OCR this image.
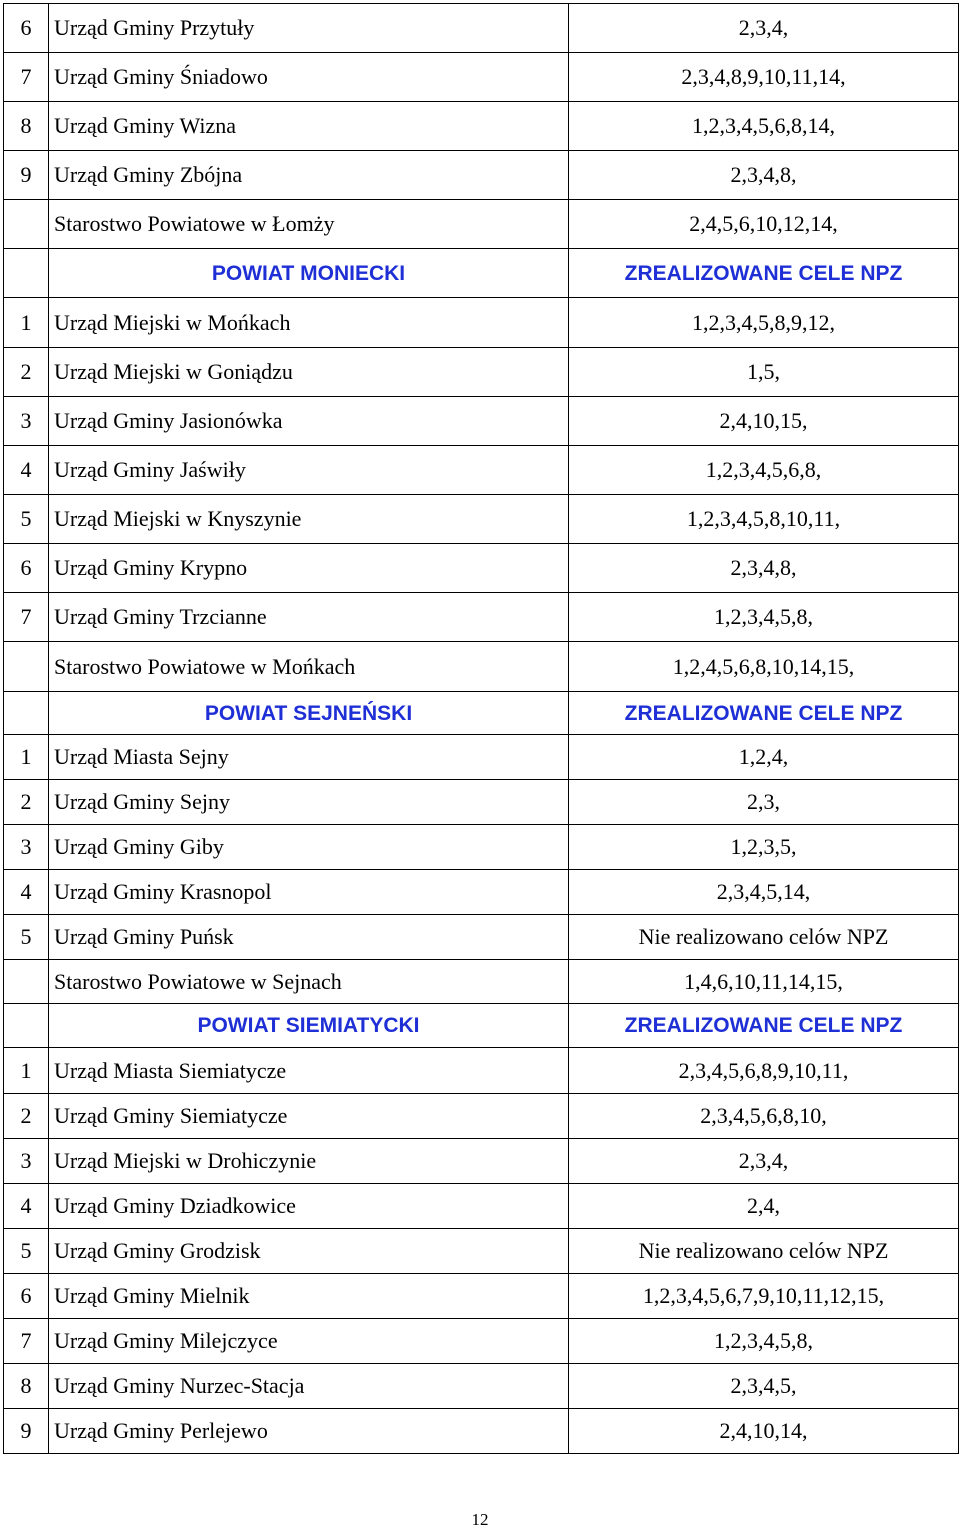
6	Urząd Gminy Przytuły	2,3,4,
7	Urząd Gminy Śniadowo	2,3,4,8,9,10,11,14,
8	Urząd Gminy Wizna	1,2,3,4,5,6,8,14,
9	Urząd Gminy Zbójna	2,3,4,8,
	Starostwo Powiatowe w Łomży	2,4,5,6,10,12,14,
	POWIAT MONIECKI	ZREALIZOWANE CELE NPZ
1	Urząd Miejski w Mońkach	1,2,3,4,5,8,9,12,
2	Urząd Miejski w Goniądzu	1,5,
3	Urząd Gminy Jasionówka	2,4,10,15,
4	Urząd Gminy Jaświły	1,2,3,4,5,6,8,
5	Urząd Miejski w Knyszynie	1,2,3,4,5,8,10,11,
6	Urząd Gminy Krypno	2,3,4,8,
7	Urząd Gminy Trzcianne	1,2,3,4,5,8,
	Starostwo Powiatowe w Mońkach	1,2,4,5,6,8,10,14,15,
	POWIAT SEJNEŃSKI	ZREALIZOWANE CELE NPZ
1	Urząd Miasta Sejny	1,2,4,
2	Urząd Gminy Sejny	2,3,
3	Urząd Gminy Giby	1,2,3,5,
4	Urząd Gminy Krasnopol	2,3,4,5,14,
5	Urząd Gminy Puńsk	Nie realizowano celów NPZ
	Starostwo Powiatowe w Sejnach	1,4,6,10,11,14,15,
	POWIAT SIEMIATYCKI	ZREALIZOWANE CELE NPZ
1	Urząd Miasta Siemiatycze	2,3,4,5,6,8,9,10,11,
2	Urząd Gminy Siemiatycze	2,3,4,5,6,8,10,
3	Urząd Miejski w Drohiczynie	2,3,4,
4	Urząd Gminy Dziadkowice	2,4,
5	Urząd Gminy Grodzisk	Nie realizowano celów NPZ
6	Urząd Gminy Mielnik	1,2,3,4,5,6,7,9,10,11,12,15,
7	Urząd Gminy Milejczyce	1,2,3,4,5,8,
8	Urząd Gminy Nurzec-Stacja	2,3,4,5,
9	Urząd Gminy Perlejewo	2,4,10,14,
12
